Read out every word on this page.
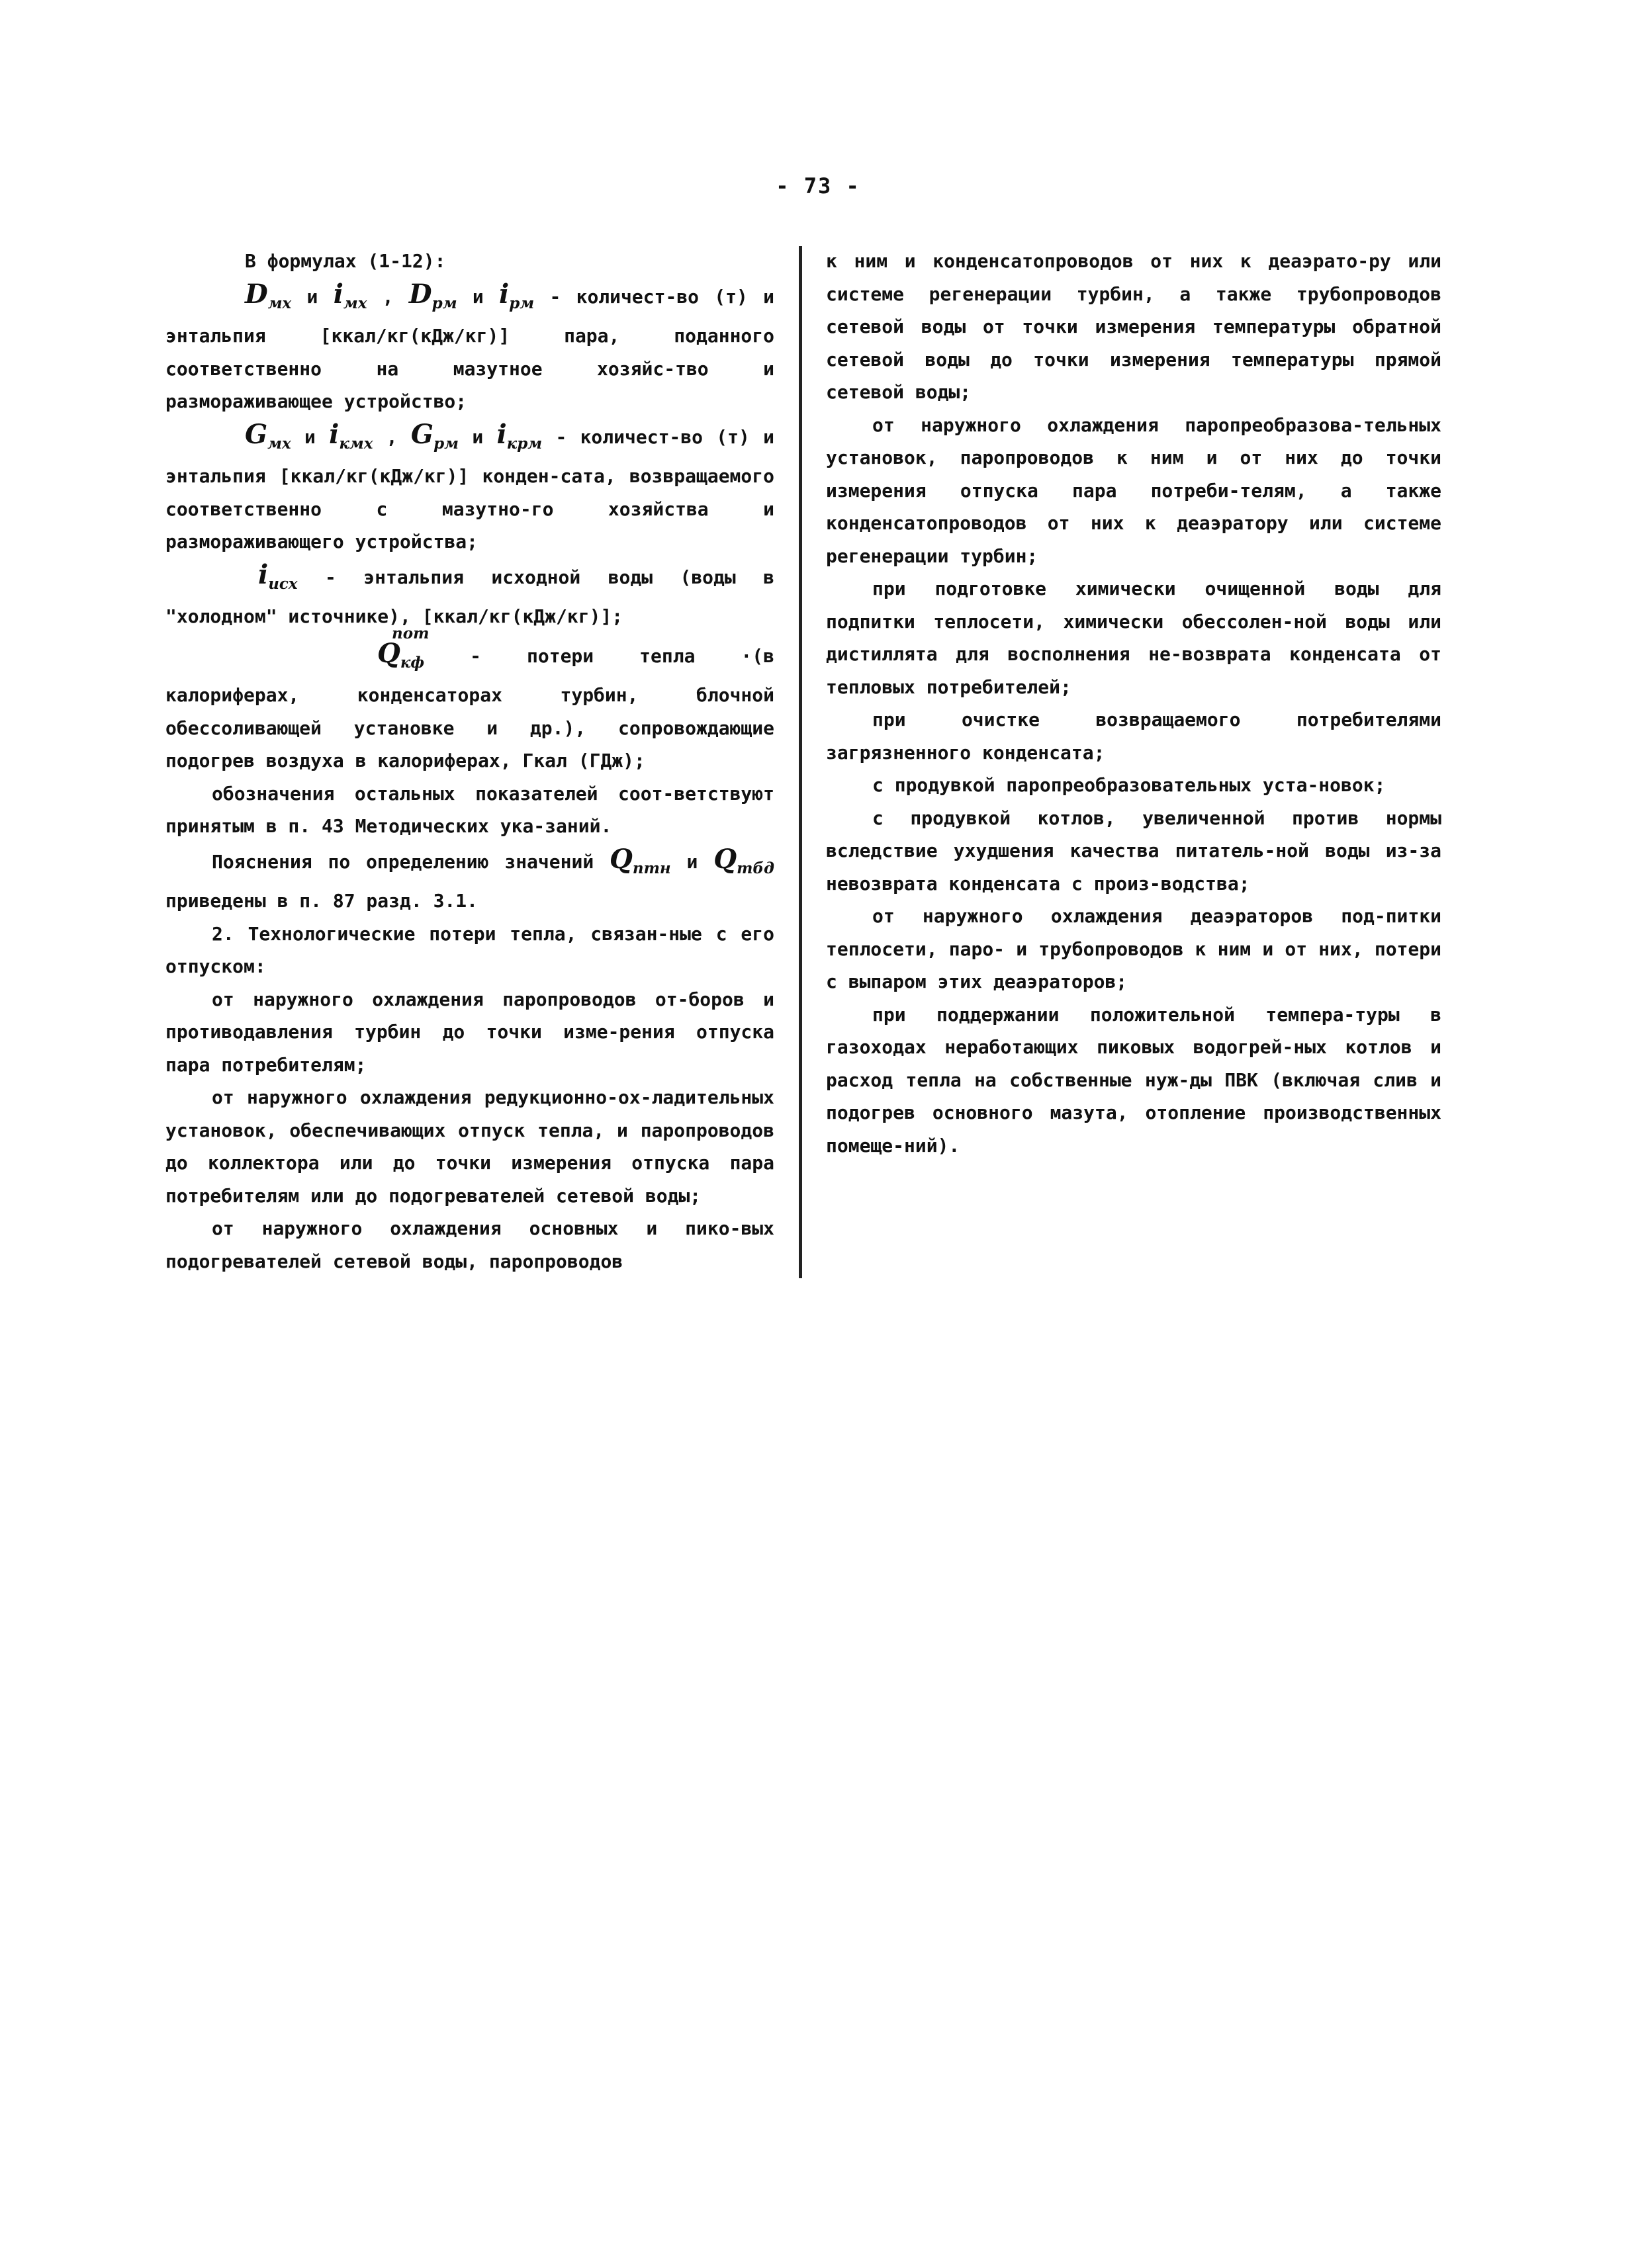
- 73 -

В формулах (1-12):

$D_{мх}$ и $i_{мх}$ , $D_{рм}$ и $i_{рм}$ - количест-во (т) и энтальпия [ккал/кг(кДж/кг)] пара, поданного соответственно на мазутное хозяйс-тво и размораживающее устройство;

$G_{мх}$ и $i_{кмх}$ , $G_{рм}$ и $i_{крм}$ - количест-во (т) и энтальпия [ккал/кг(кДж/кг)] конден-сата, возвращаемого соответственно с мазутно-го хозяйства и размораживающего устройства;

$i_{исх}$ - энтальпия исходной воды (воды в "холодном" источнике), [ккал/кг(кДж/кг)];

Q
пот
$_{кф}$ - потери тепла ·(в калориферах, конденсаторах турбин, блочной обессоливающей установке и др.), сопровождающие подогрев воздуха в калориферах, Гкал (ГДж);

обозначения остальных показателей соот-ветствуют принятым в п. 43 Методических ука-заний.

Пояснения по определению значений $Q_{птн}$ и $Q_{тбд}$ приведены в п. 87 разд. 3.1.

2. Технологические потери тепла, связан-ные с его отпуском:

от наружного охлаждения паропроводов от-боров и противодавления турбин до точки изме-рения отпуска пара потребителям;

от наружного охлаждения редукционно-ох-ладительных установок, обеспечивающих отпуск тепла, и паропроводов до коллектора или до точки измерения отпуска пара потребителям или до подогревателей сетевой воды;

от наружного охлаждения основных и пико-вых подогревателей сетевой воды, паропроводов

к ним и конденсатопроводов от них к деаэрато-ру или системе регенерации турбин, а также трубопроводов сетевой воды от точки измерения температуры обратной сетевой воды до точки измерения температуры прямой сетевой воды;

от наружного охлаждения паропреобразова-тельных установок, паропроводов к ним и от них до точки измерения отпуска пара потреби-телям, а также конденсатопроводов от них к деаэратору или системе регенерации турбин;

при подготовке химически очищенной воды для подпитки теплосети, химически обессолен-ной воды или дистиллята для восполнения не-возврата конденсата от тепловых потребителей;

при очистке возвращаемого потребителями загрязненного конденсата;

с продувкой паропреобразовательных уста-новок;

с продувкой котлов, увеличенной против нормы вследствие ухудшения качества питатель-ной воды из-за невозврата конденсата с произ-водства;

от наружного охлаждения деаэраторов под-питки теплосети, паро- и трубопроводов к ним и от них, потери с выпаром этих деаэраторов;

при поддержании положительной темпера-туры в газоходах неработающих пиковых водогрей-ных котлов и расход тепла на собственные нуж-ды ПВК (включая слив и подогрев основного мазута, отопление производственных помеще-ний).
